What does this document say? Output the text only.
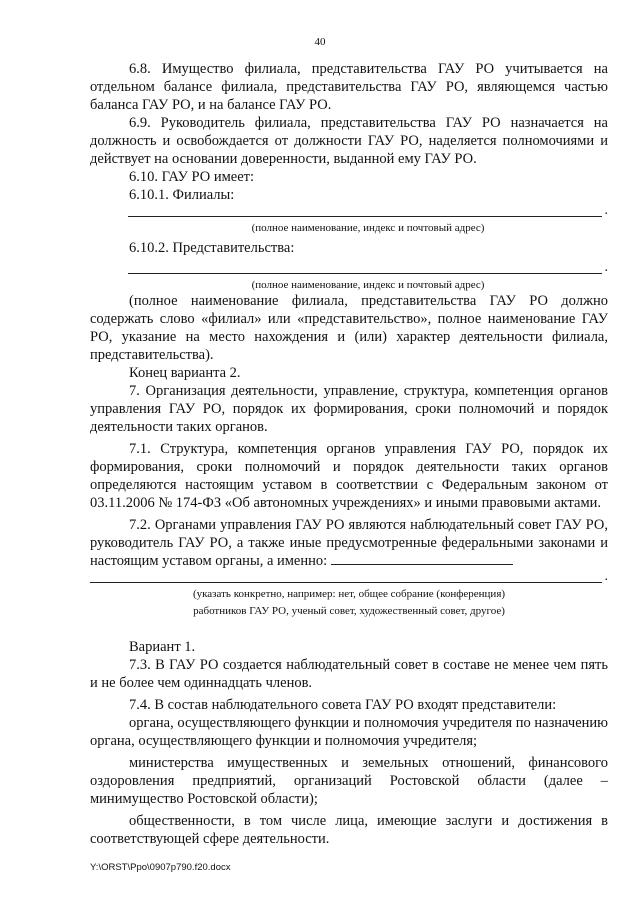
40

6.8. Имущество филиала, представительства ГАУ РО учитывается на отдельном балансе филиала, представительства ГАУ РО, являющемся частью баланса ГАУ РО, и на балансе ГАУ РО.

6.9. Руководитель филиала, представительства ГАУ РО назначается на должность и освобождается от должности ГАУ РО, наделяется полномочиями и действует на основании доверенности, выданной ему ГАУ РО.

6.10. ГАУ РО имеет:

6.10.1. Филиалы:

.

(полное наименование, индекс и почтовый адрес)

6.10.2. Представительства:

.

(полное наименование, индекс и почтовый адрес)

(полное наименование филиала, представительства ГАУ РО должно содержать слово «филиал» или «представительство», полное наименование ГАУ РО, указание на место нахождения и (или) характер деятельности филиала, представительства).

Конец варианта 2.

7. Организация деятельности, управление, структура, компетенция органов управления ГАУ РО, порядок их формирования, сроки полномочий и порядок деятельности таких органов.

7.1. Структура, компетенция органов управления ГАУ РО, порядок их формирования, сроки полномочий и порядок деятельности таких органов определяются настоящим уставом в соответствии с Федеральным законом от 03.11.2006 № 174-ФЗ «Об автономных учреждениях» и иными правовыми актами.

7.2. Органами управления ГАУ РО являются наблюдательный совет ГАУ РО, руководитель ГАУ РО, а также иные предусмотренные федеральными законами и настоящим уставом органы, а именно:

.

(указать конкретно, например: нет, общее собрание (конференция)

работников ГАУ РО, ученый совет, художественный совет, другое)

Вариант 1.

7.3. В ГАУ РО создается наблюдательный совет в составе не менее чем пять и не более чем одиннадцать членов.

7.4. В состав наблюдательного совета ГАУ РО входят представители:

органа, осуществляющего функции и полномочия учредителя по назначению органа, осуществляющего функции и полномочия учредителя;

министерства имущественных и земельных отношений, финансового оздоровления предприятий, организаций Ростовской области (далее – минимущество Ростовской области);

общественности, в том числе лица, имеющие заслуги и достижения в соответствующей сфере деятельности.

Y:\ORST\Ppo\0907p790.f20.docx
